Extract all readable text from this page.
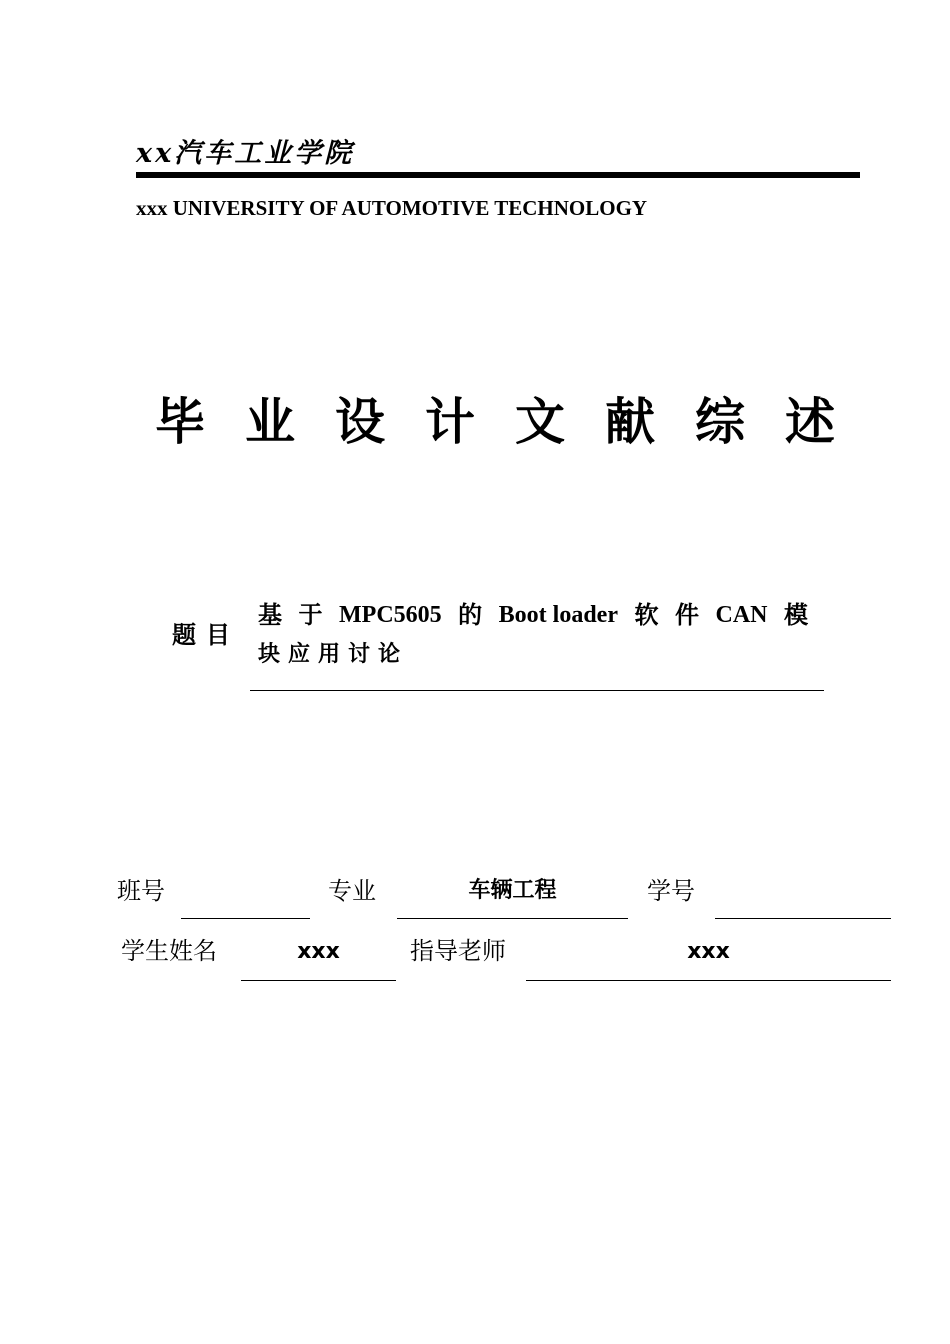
xx汽车工业学院
xxx UNIVERSITY OF AUTOMOTIVE TECHNOLOGY
毕 业 设 计 文 献 综 述
题目
基 于 MPC5605 的 Boot loader 软 件 CAN 模
块应用讨论
班号	专业	车辆工程	学号
学生姓名	xxx	指导老师	xxx
